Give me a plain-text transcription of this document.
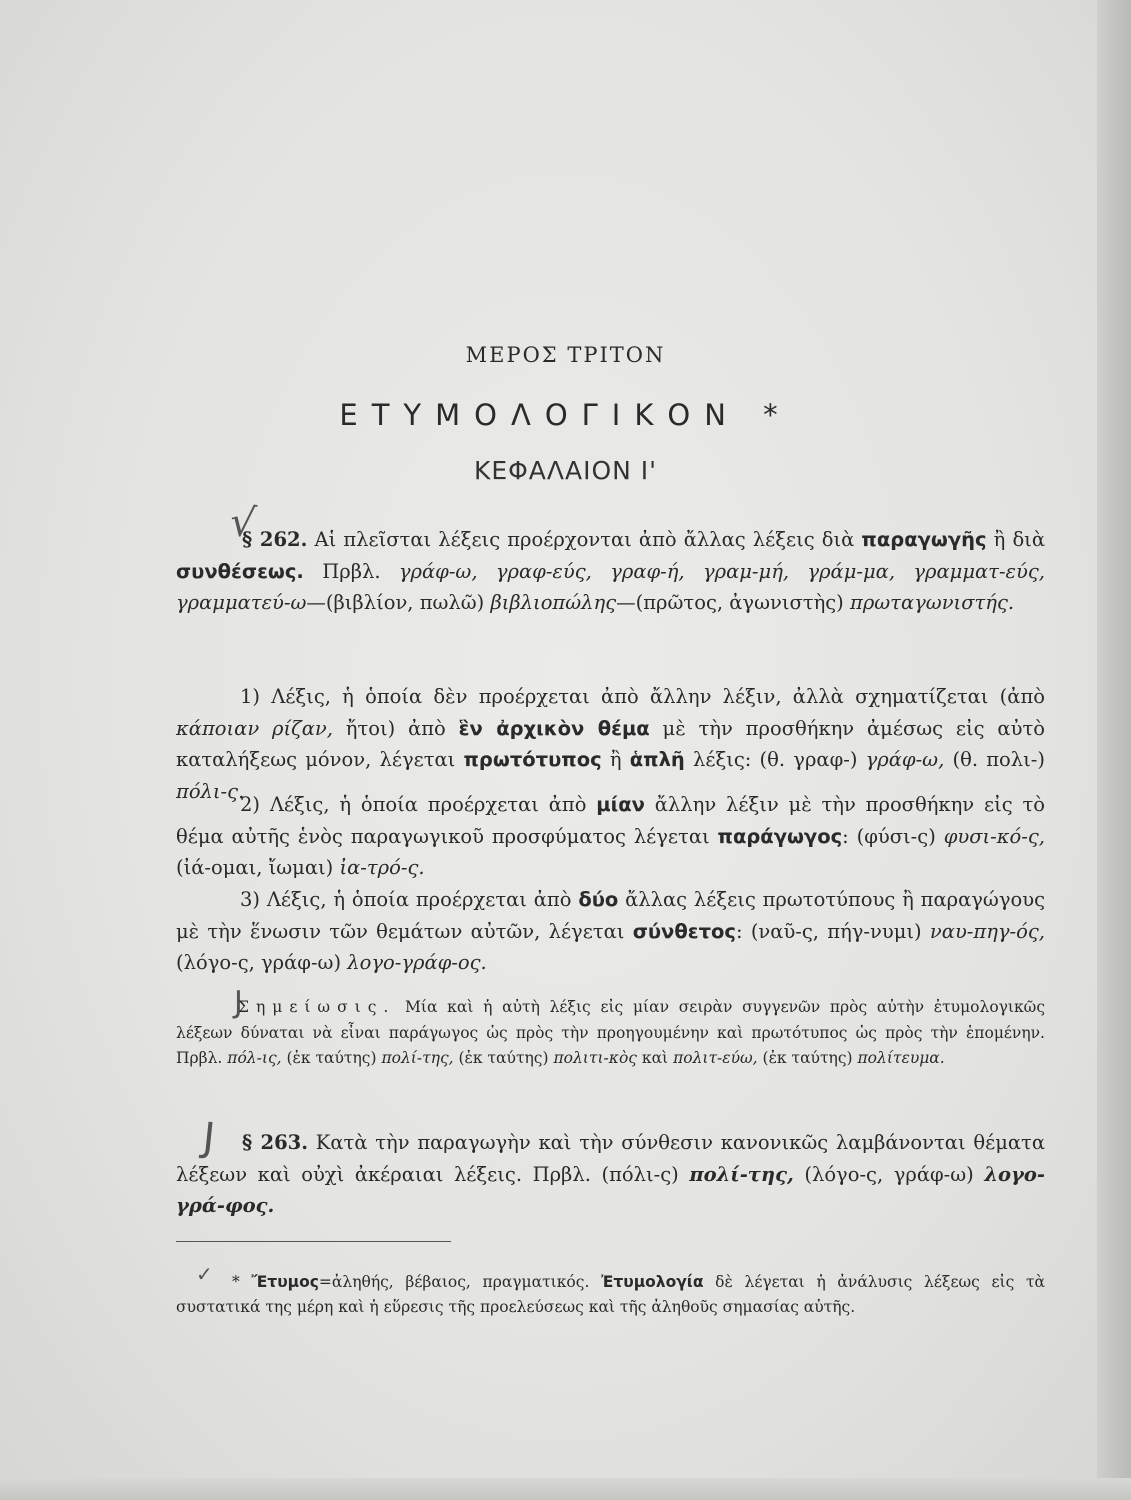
ΜΕΡΟΣ ΤΡΙΤΟΝ
ΕΤΥΜΟΛΟΓΙΚΟΝ *
ΚΕΦΑΛΑΙΟΝ Ι'
√
§ 262. Αἱ πλεῖσται λέξεις προέρχονται ἀπὸ ἄλλας λέξεις διὰ παραγωγῆς ἢ διὰ συνθέσεως. Πρβλ. γράφ-ω, γραφ-εύς, γραφ-ή, γραμ-μή, γράμ-μα, γραμματ-εύς, γραμματεύ-ω—(βιβλίον, πωλῶ) βιβλιοπώλης—(πρῶτος, ἀγωνιστὴς) πρωταγωνιστής.
1) Λέξις, ἡ ὁποία δὲν προέρχεται ἀπὸ ἄλλην λέξιν, ἀλλὰ σχηματίζεται (ἀπὸ κάποιαν ρίζαν, ἤτοι) ἀπὸ ἓν ἀρχικὸν θέμα μὲ τὴν προσθήκην ἀμέσως εἰς αὐτὸ καταλήξεως μόνον, λέγεται πρωτότυπος ἢ ἁπλῆ λέξις: (θ. γραφ-) γράφ-ω, (θ. πολι-) πόλι-ς.
2) Λέξις, ἡ ὁποία προέρχεται ἀπὸ μίαν ἄλλην λέξιν μὲ τὴν προσθήκην εἰς τὸ θέμα αὐτῆς ἑνὸς παραγωγικοῦ προσφύματος λέγεται παράγωγος: (φύσι-ς) φυσι-κό-ς, (ἰά-ομαι, ἴωμαι) ἰα-τρό-ς.
3) Λέξις, ἡ ὁποία προέρχεται ἀπὸ δύο ἄλλας λέξεις πρωτοτύπους ἢ παραγώγους μὲ τὴν ἕνωσιν τῶν θεμάτων αὐτῶν, λέγεται σύνθετος: (ναῦ-ς, πήγ-νυμι) ναυ-πηγ-ός, (λόγο-ς, γράφ-ω) λογο-γράφ-ος.
J
Σημείωσις. Μία καὶ ἡ αὐτὴ λέξις εἰς μίαν σειρὰν συγγενῶν πρὸς αὐτὴν ἐτυμολογικῶς λέξεων δύναται νὰ εἶναι παράγωγος ὡς πρὸς τὴν προηγουμένην καὶ πρωτότυπος ὡς πρὸς τὴν ἑπομένην. Πρβλ. πόλ-ις, (ἐκ ταύτης) πολί-της, (ἐκ ταύτης) πολιτι-κὸς καὶ πολιτ-εύω, (ἐκ ταύτης) πολίτευμα.
J	§ 263. Κατὰ τὴν παραγωγὴν καὶ τὴν σύνθεσιν κανονικῶς λαμβάνονται θέματα λέξεων καὶ οὐχὶ ἀκέραιαι λέξεις. Πρβλ. (πόλι-ς) πολί-της, (λόγο-ς, γράφ-ω) λογο-γρά-φος.
✓	* Ἔτυμος=ἀληθής, βέβαιος, πραγματικός. Ἐτυμολογία δὲ λέγεται ἡ ἀνάλυσις λέξεως εἰς τὰ συστατικά της μέρη καὶ ἡ εὕρεσις τῆς προελεύσεως καὶ τῆς ἀληθοῦς σημασίας αὐτῆς.
